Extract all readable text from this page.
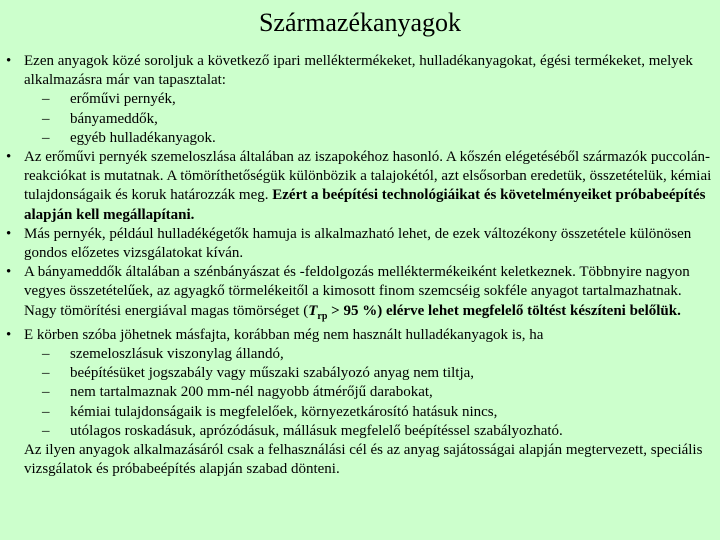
Származékanyagok
• Ezen anyagok közé soroljuk a következő ipari melléktermékeket, hulladékanyagokat, égési termékeket, melyek alkalmazásra már van tapasztalat:
–	erőművi pernyék,
–	bányameddők,
–	egyéb hulladékanyagok.
• Az erőművi pernyék szemeloszlása általában az iszapokéhoz hasonló. A kőszén elégetéséből származók puccolán-reakciókat is mutatnak. A tömöríthetőségük különbözik a talajokétól, azt elsősorban eredetük, összetételük, kémiai tulajdonságaik és koruk határozzák meg. Ezért a beépítési technológiáikat és követelményeiket próbabeépítés alapján kell megállapítani.
• Más pernyék, például hulladékégetők hamuja is alkalmazható lehet, de ezek változékony összetétele különösen gondos előzetes vizsgálatokat kíván.
• A bányameddők általában a szénbányászat és -feldolgozás melléktermékeiként keletkeznek. Többnyire nagyon vegyes összetételűek, az agyagkő törmelékeitől a kimosott finom szemcséig sokféle anyagot tartalmazhatnak. Nagy tömörítési energiával magas tömörséget ($T_{rp} > 95$ %) elérve lehet megfelelő töltést készíteni belőlük.
• E körben szóba jöhetnek másfajta, korábban még nem használt hulladékanyagok is, ha
–	szemeloszlásuk viszonylag állandó,
–	beépítésüket jogszabály vagy műszaki szabályozó anyag nem tiltja,
–	nem tartalmaznak 200 mm-nél nagyobb átmérőjű darabokat,
–	kémiai tulajdonságaik is megfelelőek, környezetkárosító hatásuk nincs,
–	utólagos roskadásuk, aprózódásuk, mállásuk megfelelő beépítéssel szabályozható.
Az ilyen anyagok alkalmazásáról csak a felhasználási cél és az anyag sajátosságai alapján megtervezett, speciális vizsgálatok és próbabeépítés alapján szabad dönteni.
